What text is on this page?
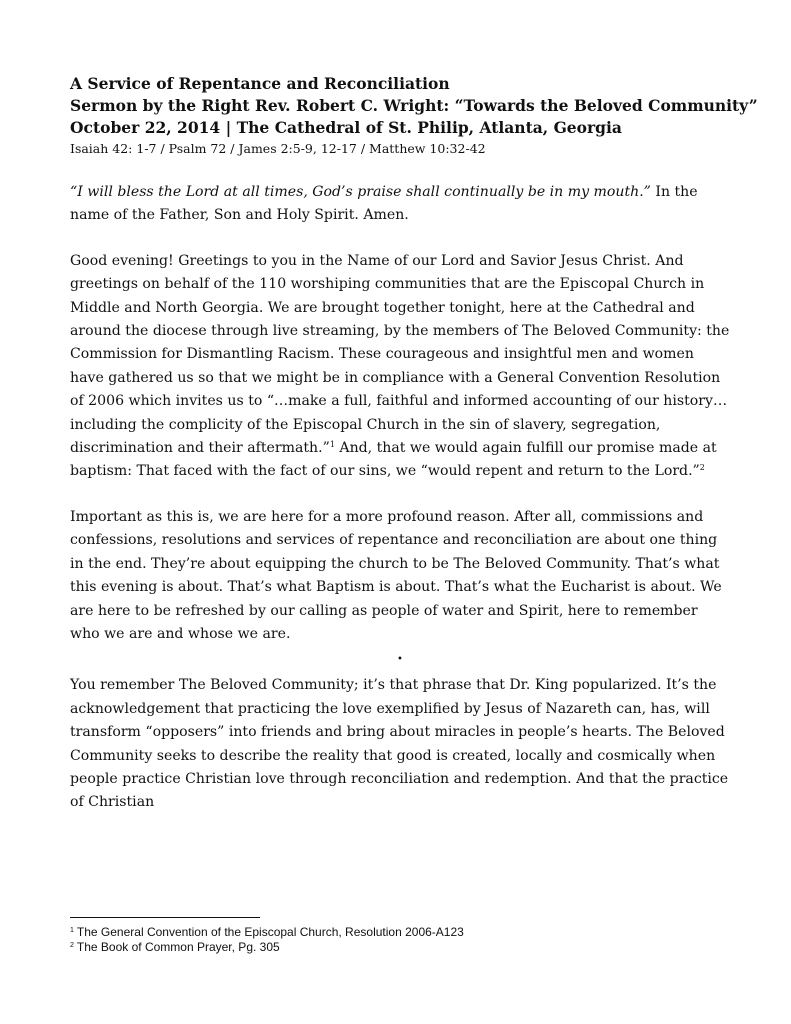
A Service of Repentance and Reconciliation
Sermon by the Right Rev. Robert C. Wright: “Towards the Beloved Community”
October 22, 2014 | The Cathedral of St. Philip, Atlanta, Georgia
Isaiah 42: 1-7 / Psalm 72 / James 2:5-9, 12-17 / Matthew 10:32-42

“I will bless the Lord at all times, God’s praise shall continually be in my mouth.” In the name of the Father, Son and Holy Spirit. Amen.

Good evening! Greetings to you in the Name of our Lord and Savior Jesus Christ. And greetings on behalf of the 110 worshiping communities that are the Episcopal Church in Middle and North Georgia. We are brought together tonight, here at the Cathedral and around the diocese through live streaming, by the members of The Beloved Community: the Commission for Dismantling Racism. These courageous and insightful men and women have gathered us so that we might be in compliance with a General Convention Resolution of 2006 which invites us to “…make a full, faithful and informed accounting of our history… including the complicity of the Episcopal Church in the sin of slavery, segregation, discrimination and their aftermath.”$^1$ And, that we would again fulfill our promise made at baptism: That faced with the fact of our sins, we “would repent and return to the Lord.”$^2$

Important as this is, we are here for a more profound reason. After all, commissions and confessions, resolutions and services of repentance and reconciliation are about one thing in the end. They’re about equipping the church to be The Beloved Community. That’s what this evening is about. That’s what Baptism is about. That’s what the Eucharist is about. We are here to be refreshed by our calling as people of water and Spirit, here to remember who we are and whose we are.

•

You remember The Beloved Community; it’s that phrase that Dr. King popularized. It’s the acknowledgement that practicing the love exemplified by Jesus of Nazareth can, has, will transform “opposers” into friends and bring about miracles in people’s hearts. The Beloved Community seeks to describe the reality that good is created, locally and cosmically when people practice Christian love through reconciliation and redemption. And that the practice of Christian

$^1$ The General Convention of the Episcopal Church, Resolution 2006-A123
$^2$ The Book of Common Prayer, Pg. 305
